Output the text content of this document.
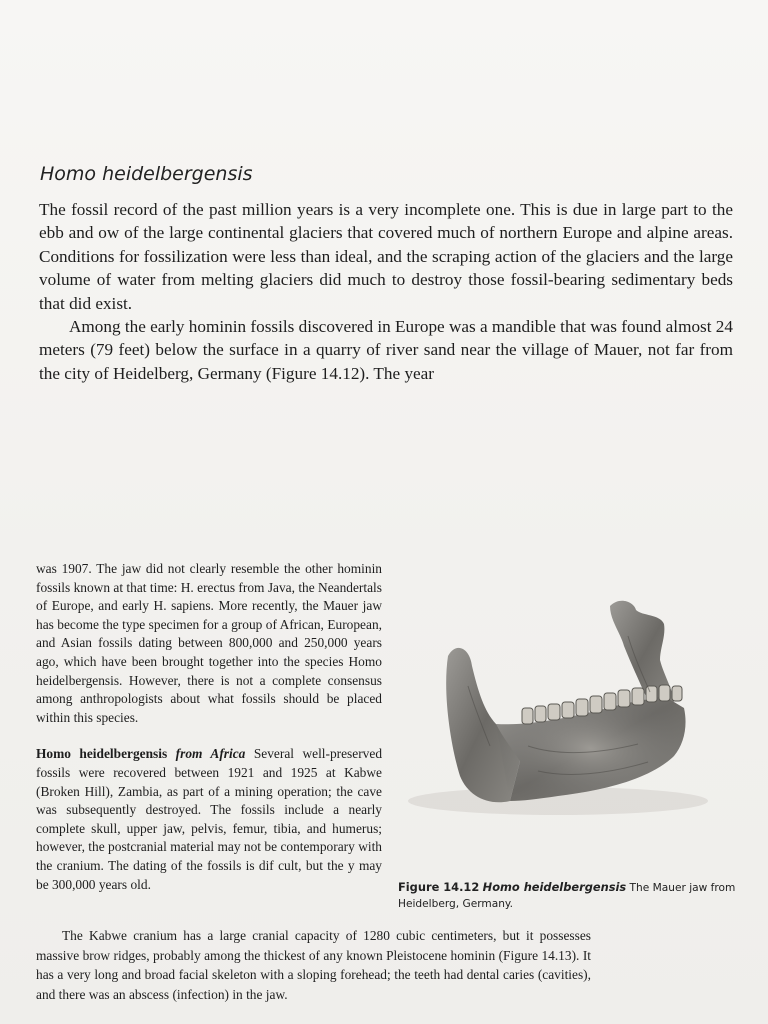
Homo heidelbergensis

The fossil record of the past million years is a very incomplete one. This is due in large part to the ebb and ow of the large continental glaciers that covered much of northern Europe and alpine areas. Conditions for fossilization were less than ideal, and the scraping action of the glaciers and the large volume of water from melting glaciers did much to destroy those fossil-bearing sedimentary beds that did exist.

Among the early hominin fossils discovered in Europe was a mandible that was found almost 24 meters (79 feet) below the surface in a quarry of river sand near the village of Mauer, not far from the city of Heidelberg, Germany (Figure 14.12). The year

was 1907. The jaw did not clearly resemble the other hominin fossils known at that time: H. erectus from Java, the Neandertals of Europe, and early H. sapiens. More recently, the Mauer jaw has become the type specimen for a group of African, European, and Asian fossils dating between 800,000 and 250,000 years ago, which have been brought together into the species Homo heidelbergensis. However, there is not a complete consensus among anthropologists about what fossils should be placed within this species.

Homo heidelbergensis from Africa Several well-preserved fossils were recovered between 1921 and 1925 at Kabwe (Broken Hill), Zambia, as part of a mining operation; the cave was subsequently destroyed. The fossils include a nearly complete skull, upper jaw, pelvis, femur, tibia, and humerus; however, the postcranial material may not be contemporary with the cranium. The dating of the fossils is dif cult, but the y may be 300,000 years old.

The Kabwe cranium has a large cranial capacity of 1280 cubic centimeters, but it possesses massive brow ridges, probably among the thickest of any known Pleistocene hominin (Figure 14.13). It has a very long and broad facial skeleton with a sloping forehead; the teeth had dental caries (cavities), and there was an abscess (infection) in the jaw.

Figure 14.12 Homo heidelbergensis The Mauer jaw from Heidelberg, Germany.
